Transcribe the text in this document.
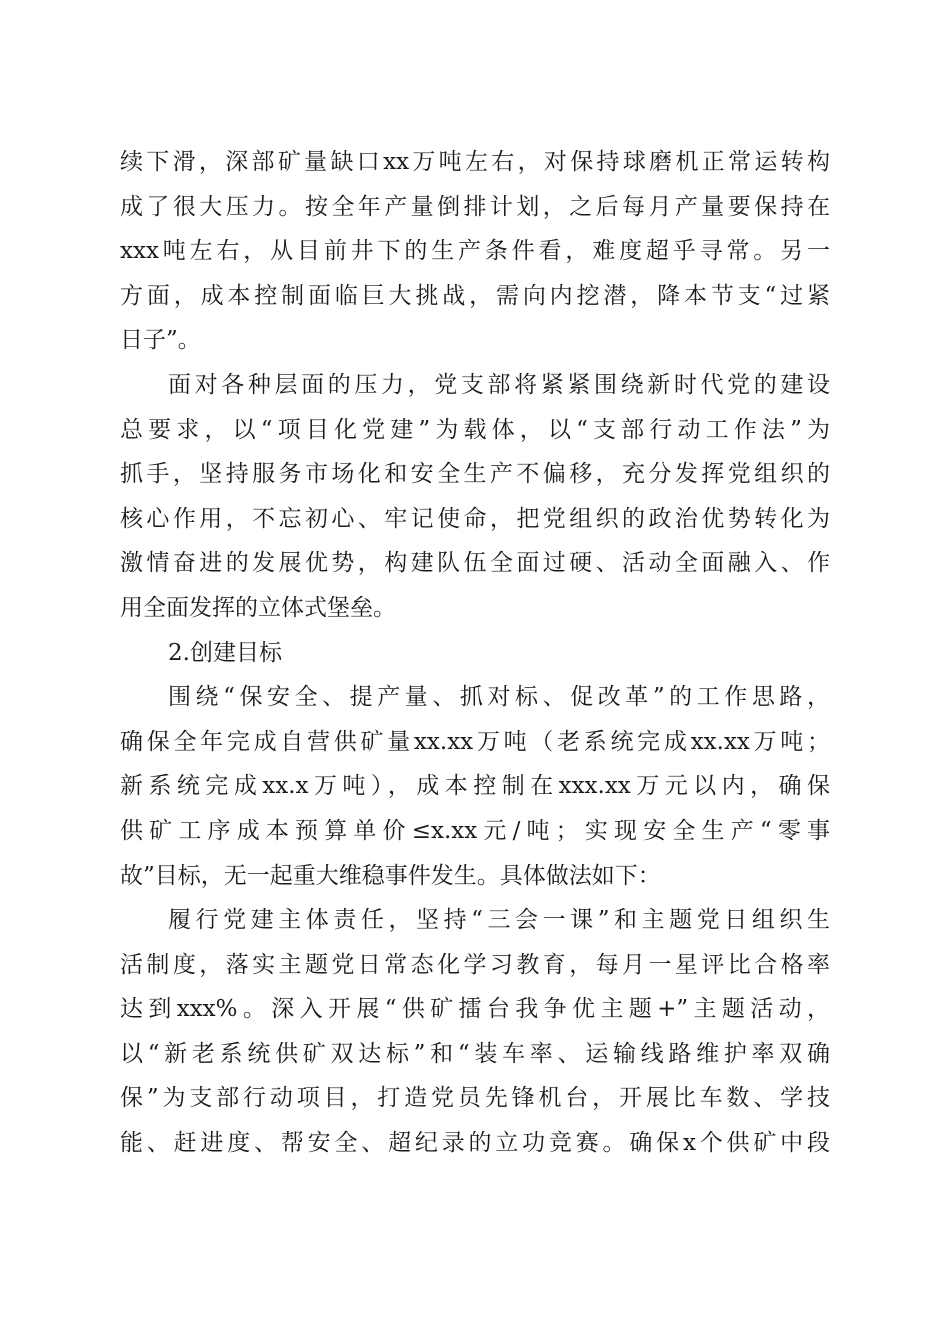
续下滑，深部矿量缺口xx万吨左右，对保持球磨机正常运转构
成了很大压力。按全年产量倒排计划，之后每月产量要保持在
xxx吨左右，从目前井下的生产条件看，难度超乎寻常。另一
方面，成本控制面临巨大挑战，需向内挖潜，降本节支“过紧
日子”。
面对各种层面的压力，党支部将紧紧围绕新时代党的建设
总要求，以“项目化党建”为载体，以“支部行动工作法”为
抓手，坚持服务市场化和安全生产不偏移，充分发挥党组织的
核心作用，不忘初心、牢记使命，把党组织的政治优势转化为
激情奋进的发展优势，构建队伍全面过硬、活动全面融入、作
用全面发挥的立体式堡垒。
2.创建目标
围绕“保安全、提产量、抓对标、促改革”的工作思路，
确保全年完成自营供矿量xx.xx万吨（老系统完成xx.xx万吨；
新系统完成xx.x万吨），成本控制在xxx.xx万元以内，确保
供矿工序成本预算单价≤x.xx元/吨；实现安全生产“零事
故”目标，无一起重大维稳事件发生。具体做法如下：
履行党建主体责任，坚持“三会一课”和主题党日组织生
活制度，落实主题党日常态化学习教育，每月一星评比合格率
达到xxx%。深入开展“供矿擂台我争优主题+”主题活动，
以“新老系统供矿双达标”和“装车率、运输线路维护率双确
保”为支部行动项目，打造党员先锋机台，开展比车数、学技
能、赶进度、帮安全、超纪录的立功竞赛。确保x个供矿中段
